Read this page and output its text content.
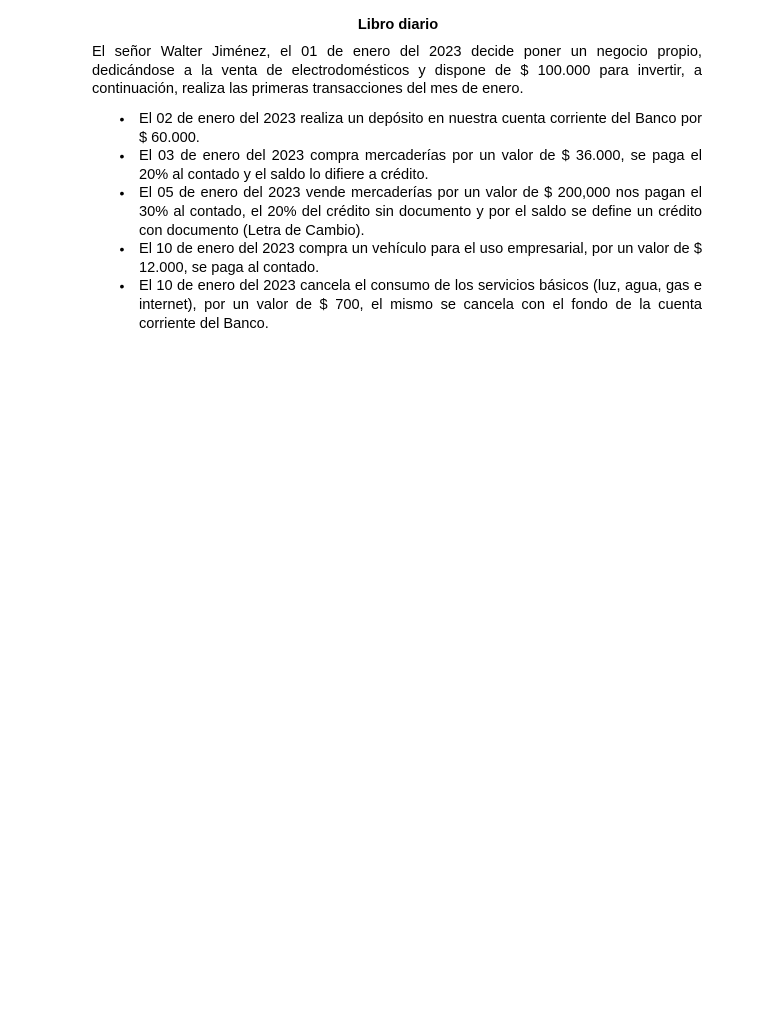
Libro diario

El señor Walter Jiménez, el 01 de enero del 2023 decide poner un negocio propio, dedicándose a la venta de electrodomésticos y dispone de $ 100.000 para invertir, a continuación, realiza las primeras transacciones del mes de enero.

• El 02 de enero del 2023 realiza un depósito en nuestra cuenta corriente del Banco por $ 60.000.
• El 03 de enero del 2023 compra mercaderías por un valor de $ 36.000, se paga el 20% al contado y el saldo lo difiere a crédito.
• El 05 de enero del 2023 vende mercaderías por un valor de $ 200,000 nos pagan el 30% al contado, el 20% del crédito sin documento y por el saldo se define un crédito con documento (Letra de Cambio).
• El 10 de enero del 2023 compra un vehículo para el uso empresarial, por un valor de $ 12.000, se paga al contado.
• El 10 de enero del 2023 cancela el consumo de los servicios básicos (luz, agua, gas e internet), por un valor de $ 700, el mismo se cancela con el fondo de la cuenta corriente del Banco.
